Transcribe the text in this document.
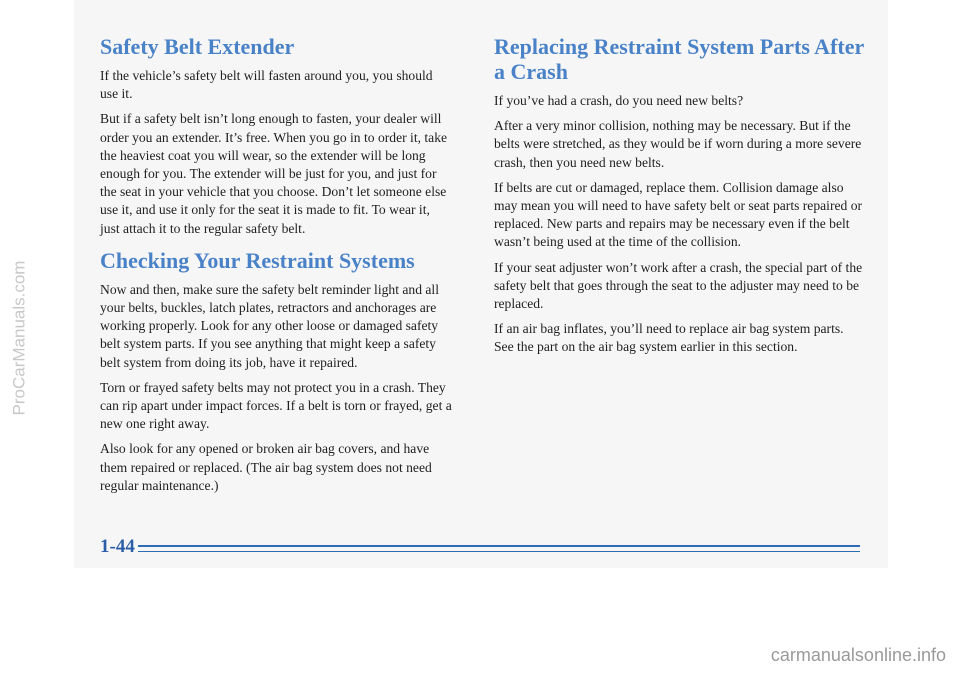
Safety Belt Extender

If the vehicle’s safety belt will fasten around you, you should use it.

But if a safety belt isn’t long enough to fasten, your dealer will order you an extender. It’s free. When you go in to order it, take the heaviest coat you will wear, so the extender will be long enough for you. The extender will be just for you, and just for the seat in your vehicle that you choose. Don’t let someone else use it, and use it only for the seat it is made to fit. To wear it, just attach it to the regular safety belt.

Checking Your Restraint Systems

Now and then, make sure the safety belt reminder light and all your belts, buckles, latch plates, retractors and anchorages are working properly. Look for any other loose or damaged safety belt system parts. If you see anything that might keep a safety belt system from doing its job, have it repaired.

Torn or frayed safety belts may not protect you in a crash. They can rip apart under impact forces. If a belt is torn or frayed, get a new one right away.

Also look for any opened or broken air bag covers, and have them repaired or replaced. (The air bag system does not need regular maintenance.)

Replacing Restraint System Parts After a Crash

If you’ve had a crash, do you need new belts?

After a very minor collision, nothing may be necessary. But if the belts were stretched, as they would be if worn during a more severe crash, then you need new belts.

If belts are cut or damaged, replace them. Collision damage also may mean you will need to have safety belt or seat parts repaired or replaced. New parts and repairs may be necessary even if the belt wasn’t being used at the time of the collision.

If your seat adjuster won’t work after a crash, the special part of the safety belt that goes through the seat to the adjuster may need to be replaced.

If an air bag inflates, you’ll need to replace air bag system parts. See the part on the air bag system earlier in this section.

1-44
ProCarManuals.com
carmanualsonline.info
